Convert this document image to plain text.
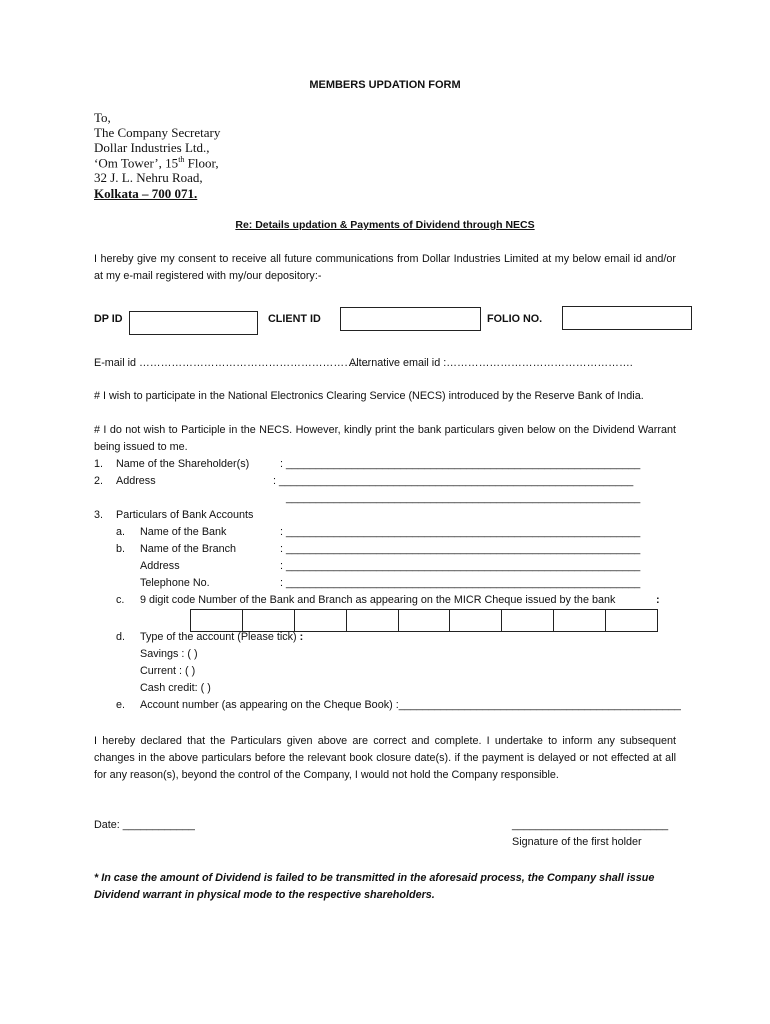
MEMBERS UPDATION FORM
To,
The Company Secretary
Dollar Industries Ltd.,
‘Om Tower’, 15th Floor,
32 J. L. Nehru Road,
Kolkata – 700 071.
Re: Details updation & Payments of Dividend through NECS
I hereby give my consent to receive all future communications from Dollar Industries Limited at my below email id and/or at my e-mail registered with my/our depository:-
DP ID	CLIENT ID	FOLIO NO.
E-mail id ……………………………………………………….
Alternative email id :…………………………………………….
# I wish to participate in the National Electronics Clearing Service (NECS) introduced by the Reserve Bank of India.
# I do not wish to Participle in the NECS. However, kindly print the bank particulars given below on the Dividend Warrant being issued to me.
1. Name of the Shareholder(s)	: ___________________________________________________________
2. Address	: ___________________________________________________________
___________________________________________________________
3. Particulars of Bank Accounts
a. Name of the Bank	: ___________________________________________________________
b. Name of the Branch	: ___________________________________________________________
Address	: ___________________________________________________________
Telephone No.	: ___________________________________________________________
c. 9 digit code Number of the Bank and Branch as appearing on the MICR Cheque issued by the bank	:
d. Type of the account (Please tick) :
Savings : ( )
Current : ( )
Cash credit: ( )
e. Account number (as appearing on the Cheque Book) :_______________________________________________
I hereby declared that the Particulars given above are correct and complete. I undertake to inform any subsequent changes in the above particulars before the relevant book closure date(s). if the payment is delayed or not effected at all for any reason(s), beyond the control of the Company, I would not hold the Company responsible.
Date: ____________	__________________________
Signature of the first holder
* In case the amount of Dividend is failed to be transmitted in the aforesaid process, the Company shall issue Dividend warrant in physical mode to the respective shareholders.
